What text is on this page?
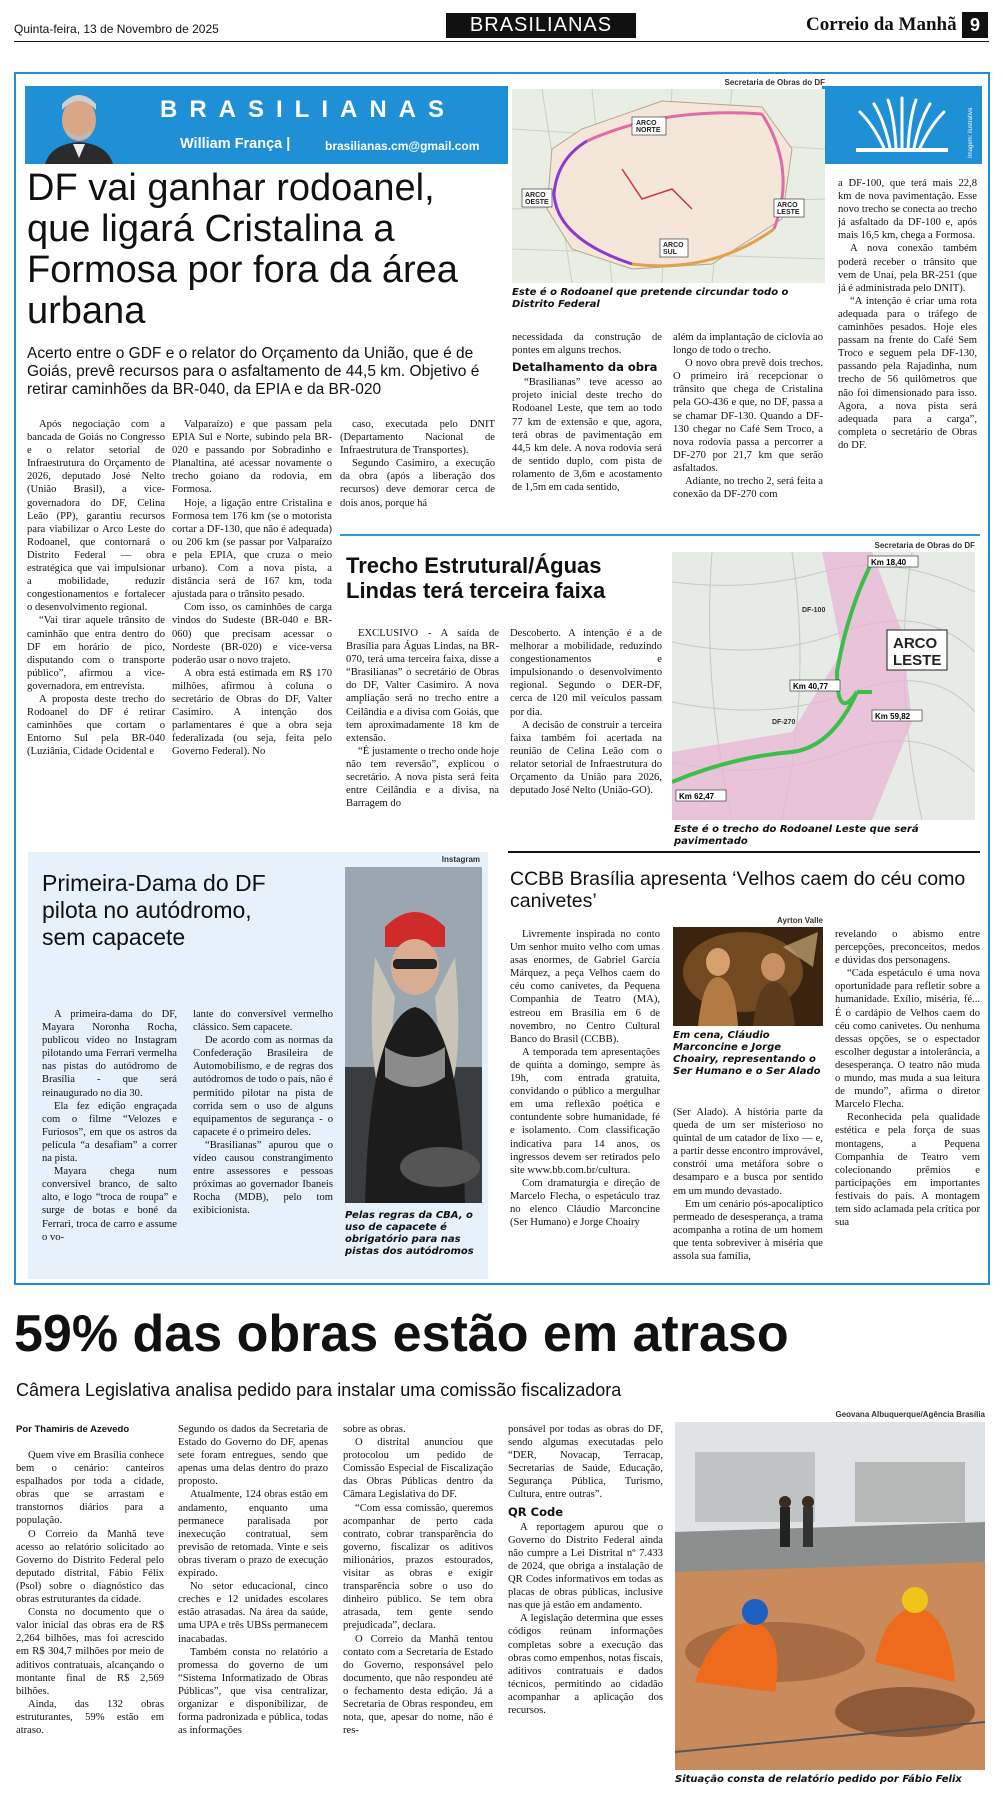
Quinta-feira, 13 de Novembro de 2025	BRASILIANAS	Correio da Manhã 9
BRASILIANAS
William França |	brasilianas.cm@gmail.com	Imagem: ilustrativa
DF vai ganhar rodoanel, que ligará Cristalina a Formosa por fora da área urbana

Acerto entre o GDF e o relator do Orçamento da União, que é de Goiás, prevê recursos para o asfaltamento de 44,5 km. Objetivo é retirar caminhões da BR-040, da EPIA e da BR-020

Secretaria de Obras do DF
ARCO
NORTE
ARCO
OESTE	ARCO
LESTE
ARCO
SUL

Este é o Rodoanel que pretende circundar todo o Distrito Federal

Após negociação com a bancada de Goiás no Congresso e o relator setorial de Infraestrutura do Orçamento de 2026, deputado José Nelto (União Brasil), a vice-governadora do DF, Celina Leão (PP), garantiu recursos para viabilizar o Arco Leste do Rodoanel, que contornará o Distrito Federal — obra estratégica que vai impulsionar a mobilidade, reduzir congestionamentos e fortalecer o desenvolvimento regional.

“Vai tirar aquele trânsito de caminhão que entra dentro do DF em horário de pico, disputando com o transporte público”, afirmou a vice-governadora, em entrevista.

A proposta deste trecho do Rodoanel do DF é retirar caminhões que cortam o Entorno Sul pela BR-040 (Luziânia, Cidade Ocidental e

Valparaízo) e que passam pela EPIA Sul e Norte, subindo pela BR-020 e passando por Sobradinho e Planaltina, até acessar novamente o trecho goiano da rodovia, em Formosa.

Hoje, a ligação entre Cristalina e Formosa tem 176 km (se o motorista cortar a DF-130, que não é adequada) ou 206 km (se passar por Valparaízo e pela EPIA, que cruza o meio urbano). Com a nova pista, a distância será de 167 km, toda ajustada para o trânsito pesado.

Com isso, os caminhões de carga vindos do Sudeste (BR-040 e BR-060) que precisam acessar o Nordeste (BR-020) e vice-versa poderão usar o novo trajeto.

A obra está estimada em R$ 170 milhões, afirmou à coluna o secretário de Obras do DF, Valter Casimiro. A intenção dos parlamentares é que a obra seja federalizada (ou seja, feita pelo Governo Federal). No

caso, executada pelo DNIT (Departamento Nacional de Infraestrutura de Transportes).

Segundo Casimiro, a execução da obra (após a liberação dos recursos) deve demorar cerca de dois anos, porque há

necessidada da construção de pontes em alguns trechos.

Detalhamento da obra

“Brasilianas” teve acesso ao projeto inicial deste trecho do Rodoanel Leste, que tem ao todo 77 km de extensão e que, agora, terá obras de pavimentação em 44,5 km dele. A nova rodovia será de sentido duplo, com pista de rolamento de 3,6m e acostamento de 1,5m em cada sentido,

além da implantação de ciclovia ao longo de todo o trecho.

O novo obra prevê dois trechos. O primeiro irá recepcionar o trânsito que chega de Cristalina pela GO-436 e que, no DF, passa a se chamar DF-130. Quando a DF-130 chegar no Café Sem Troco, a nova rodovia passa a percorrer a DF-270 por 21,7 km que serão asfaltados.

Adiante, no trecho 2, será feita a conexão da DF-270 com

a DF-100, que terá mais 22,8 km de nova pavimentação. Esse novo trecho se conecta ao trecho já asfaltado da DF-100 e, após mais 16,5 km, chega a Formosa.

A nova conexão também poderá receber o trânsito que vem de Unaí, pela BR-251 (que já é administrada pelo DNIT).

“A intenção é criar uma rota adequada para o tráfego de caminhões pesados. Hoje eles passam na frente do Café Sem Troco e seguem pela DF-130, passando pela Rajadinha, num trecho de 56 quilômetros que não foi dimensionado para isso. Agora, a nova pista será adequada para a carga”, completa o secretário de Obras do DF.

Trecho Estrutural/Águas Lindas terá terceira faixa

EXCLUSIVO - A saída de Brasília para Águas Lindas, na BR-070, terá uma terceira faixa, disse a “Brasilianas” o secretário de Obras do DF, Valter Casimiro. A nova ampliação será no trecho entre a Ceilândia e a divisa com Goiás, que tem aproximadamente 18 km de extensão.

“É justamente o trecho onde hoje não tem reversão”, explicou o secretário. A nova pista será feita entre Ceilândia e a divisa, na Barragem do

Descoberto. A intenção é a de melhorar a mobilidade, reduzindo congestionamentos e impulsionando o desenvolvimento regional. Segundo o DER-DF, cerca de 120 mil veículos passam por dia.

A decisão de construir a terceira faixa também foi acertada na reunião de Celina Leão com o relator setorial de Infraestrutura do Orçamento da União para 2026, deputado José Nelto (União-GO).

Secretaria de Obras do DF
Km 18,40
DF-100
ARCO
LESTE
Km 40,77
DF-270
Km 59,82
Km 62,47

Este é o trecho do Rodoanel Leste que será pavimentado

Primeira-Dama do DF pilota no autódromo, sem capacete

A primeira-dama do DF, Mayara Noronha Rocha, publicou vídeo no Instagram pilotando uma Ferrari vermelha nas pistas do autódromo de Brasília - que será reinaugurado no dia 30.

Ela fez edição engraçada com o filme “Velozes e Furiosos”, em que os astros da película “a desafiam” a correr na pista.

Mayara chega num conversível branco, de salto alto, e logo “troca de roupa” e surge de botas e boné da Ferrari, troca de carro e assume o vo-

lante do conversível vermelho clássico. Sem capacete.

De acordo com as normas da Confederação Brasileira de Automobilismo, e de regras dos autódromos de todo o país, não é permitido pilotar na pista de corrida sem o uso de alguns equipamentos de segurança - o capacete é o primeiro deles.

“Brasilianas” apurou que o vídeo causou constrangimento entre assessores e pessoas próximas ao governador Ibaneis Rocha (MDB), pelo tom exibicionista.

Instagram

Pelas regras da CBA, o uso de capacete é obrigatório para nas pistas dos autódromos

CCBB Brasília apresenta ‘Velhos caem do céu como canivetes’

Livremente inspirada no conto Um senhor muito velho com umas asas enormes, de Gabriel García Márquez, a peça Velhos caem do céu como canivetes, da Pequena Companhia de Teatro (MA), estreou em Brasília em 6 de novembro, no Centro Cultural Banco do Brasil (CCBB).

A temporada tem apresentações de quinta a domingo, sempre às 19h, com entrada gratuita, convidando o público a mergulhar em uma reflexão poética e contundente sobre humanidade, fé e isolamento. Com classificação indicativa para 14 anos, os ingressos devem ser retirados pelo site www.bb.com.br/cultura.

Com dramaturgia e direção de Marcelo Flecha, o espetáculo traz no elenco Cláudio Marconcine (Ser Humano) e Jorge Choairy

Ayrton Valle

Em cena, Cláudio Marconcine e Jorge Choairy, representando o Ser Humano e o Ser Alado

(Ser Alado). A história parte da queda de um ser misterioso no quintal de um catador de lixo — e, a partir desse encontro improvável, constrói uma metáfora sobre o desamparo e a busca por sentido em um mundo devastado.

Em um cenário pós-apocalíptico permeado de desesperança, a trama acompanha a rotina de um homem que tenta sobreviver à miséria que assola sua família,

revelando o abismo entre percepções, preconceitos, medos e dúvidas dos personagens.

“Cada espetáculo é uma nova oportunidade para refletir sobre a humanidade. Exílio, miséria, fé... É o cardápio de Velhos caem do céu como canivetes. Ou nenhuma dessas opções, se o espectador escolher degustar a intolerância, a desesperança. O teatro não muda o mundo, mas muda a sua leitura de mundo”, afirma o diretor Marcelo Flecha.

Reconhecida pela qualidade estética e pela força de suas montagens, a Pequena Companhia de Teatro vem colecionando prêmios e participações em importantes festivais do país. A montagem tem sido aclamada pela crítica por sua

59% das obras estão em atraso

Câmera Legislativa analisa pedido para instalar uma comissão fiscalizadora

Por Thamiris de Azevedo

Quem vive em Brasília conhece bem o cenário: canteiros espalhados por toda a cidade, obras que se arrastam e transtornos diários para a população.

O Correio da Manhã teve acesso ao relatório solicitado ao Governo do Distrito Federal pelo deputado distrital, Fábio Félix (Psol) sobre o diagnóstico das obras estruturantes da cidade.

Consta no documento que o valor inicial das obras era de R$ 2,264 bilhões, mas foi acrescido em R$ 304,7 milhões por meio de aditivos contratuais, alcançando o montante final de R$ 2,569 bilhões.

Ainda, das 132 obras estruturantes, 59% estão em atraso.

Segundo os dados da Secretaria de Estado do Governo do DF, apenas sete foram entregues, sendo que apenas uma delas dentro do prazo proposto.

Atualmente, 124 obras estão em andamento, enquanto uma permanece paralisada por inexecução contratual, sem previsão de retomada. Vinte e seis obras tiveram o prazo de execução expirado.

No setor educacional, cinco creches e 12 unidades escolares estão atrasadas. Na área da saúde, uma UPA e três UBSs permanecem inacabadas.

Também consta no relatório a promessa do governo de um “Sistema Informatizado de Obras Públicas”, que visa centralizar, organizar e disponibilizar, de forma padronizada e pública, todas as informações

sobre as obras.

O distrital anunciou que protocolou um pedido de Comissão Especial de Fiscalização das Obras Públicas dentro da Câmara Legislativa do DF.

“Com essa comissão, queremos acompanhar de perto cada contrato, cobrar transparência do governo, fiscalizar os aditivos milionários, prazos estourados, visitar as obras e exigir transparência sobre o uso do dinheiro público. Se tem obra atrasada, tem gente sendo prejudicada”, declara.

O Correio da Manhã tentou contato com a Secretaria de Estado do Governo, responsável pelo documento, que não respondeu até o fechamento desta edição. Já a Secretaria de Obras respondeu, em nota, que, apesar do nome, não é res-

ponsável por todas as obras do DF, sendo algumas executadas pelo “DER, Novacap, Terracap, Secretarias de Saúde, Educação, Segurança Pública, Turismo, Cultura, entre outras”.

QR Code

A reportagem apurou que o Governo do Distrito Federal ainda não cumpre a Lei Distrital nº 7.433 de 2024, que obriga a instalação de QR Codes informativos em todas as placas de obras públicas, inclusive nas que já estão em andamento.

A legislação determina que esses códigos reúnam informações completas sobre a execução das obras como empenhos, notas fiscais, aditivos contratuais e dados técnicos, permitindo ao cidadão acompanhar a aplicação dos recursos.

Geovana Albuquerque/Agência Brasília

Situação consta de relatório pedido por Fábio Felix
